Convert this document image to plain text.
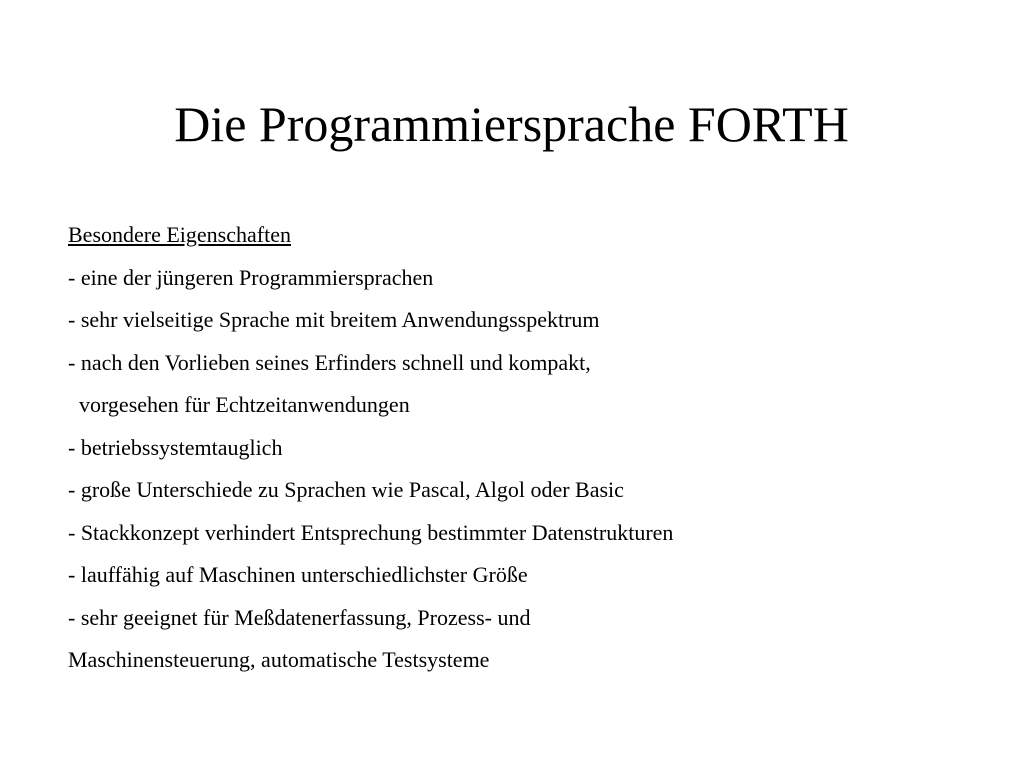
Die Programmiersprache FORTH
Besondere Eigenschaften
- eine der jüngeren Programmiersprachen
- sehr vielseitige Sprache mit breitem Anwendungsspektrum
- nach den Vorlieben seines Erfinders schnell und kompakt,
vorgesehen für Echtzeitanwendungen
- betriebssystemtauglich
- große Unterschiede zu Sprachen wie Pascal, Algol oder Basic
- Stackkonzept verhindert Entsprechung bestimmter Datenstrukturen
- lauffähig auf Maschinen unterschiedlichster Größe
- sehr geeignet für Meßdatenerfassung, Prozess- und
Maschinensteuerung, automatische Testsysteme
